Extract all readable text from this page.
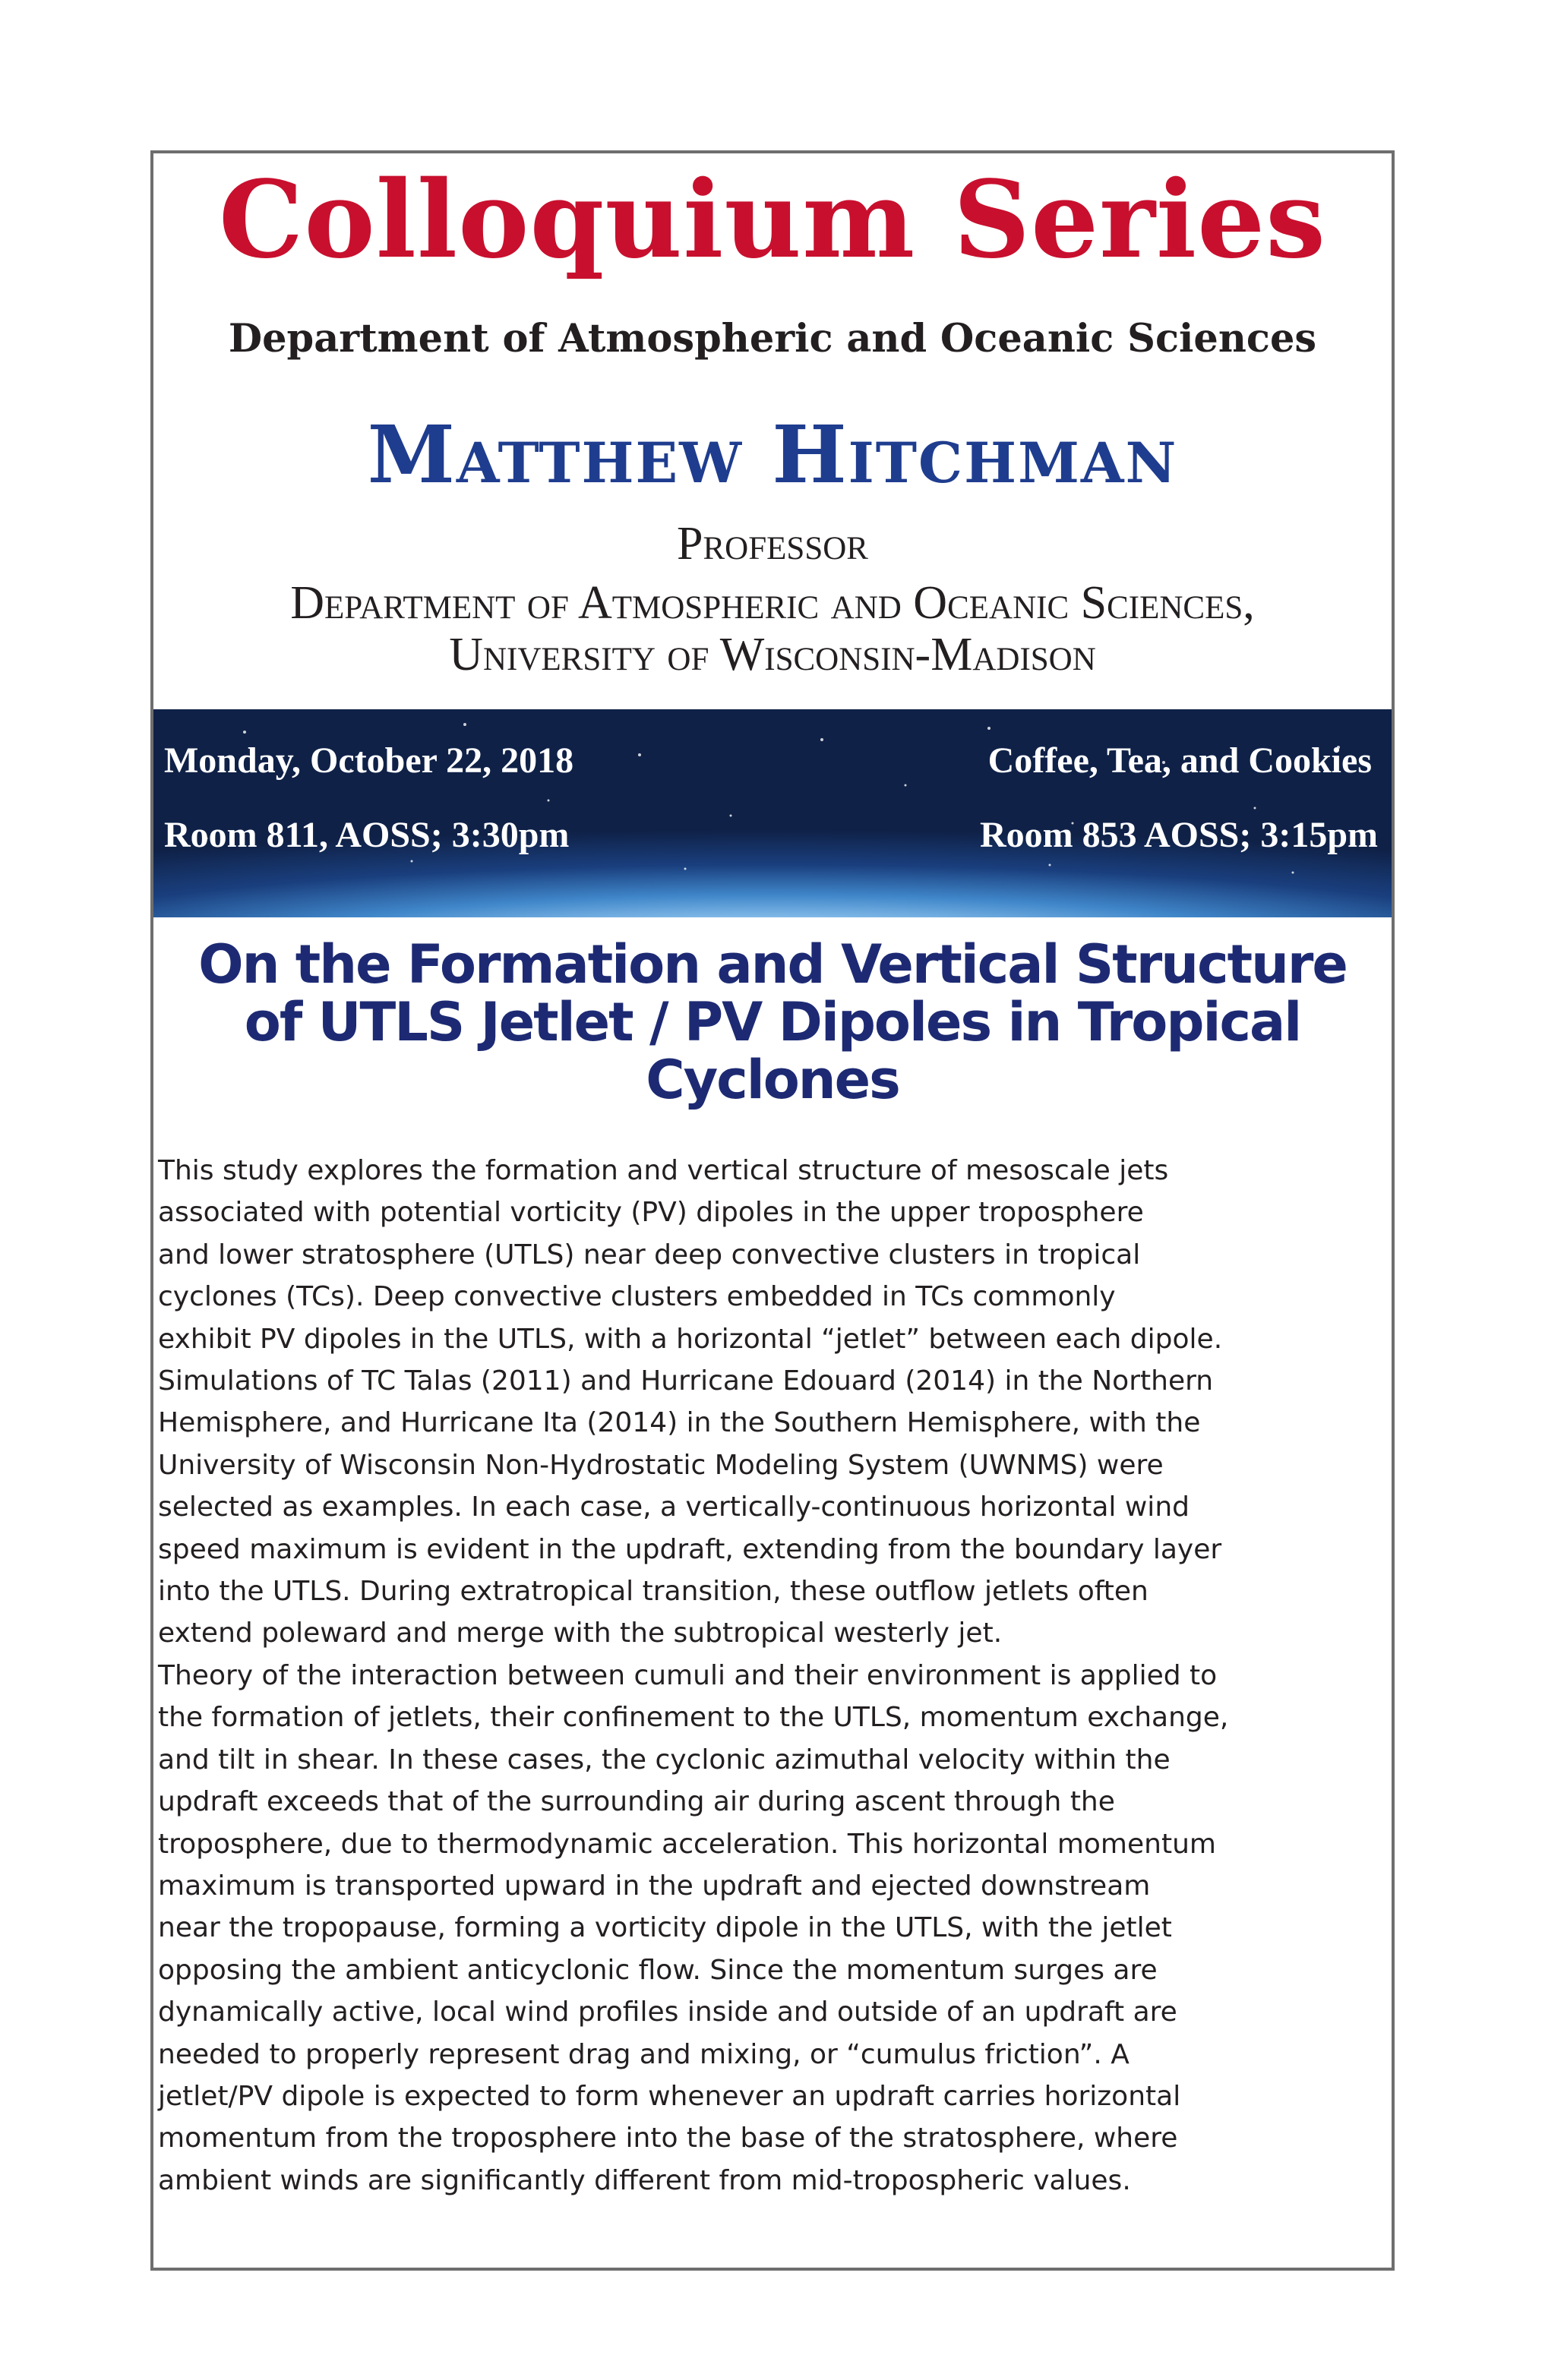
Colloquium Series
Department of Atmospheric and Oceanic Sciences
Matthew Hitchman
Professor
Department of Atmospheric and Oceanic Sciences,
University of Wisconsin-Madison
Monday, October 22, 2018
Room 811, AOSS; 3:30pm
Coffee, Tea, and Cookies
Room 853 AOSS; 3:15pm
On the Formation and Vertical Structure
of UTLS Jetlet / PV Dipoles in Tropical
Cyclones
This study explores the formation and vertical structure of mesoscale jets
associated with potential vorticity (PV) dipoles in the upper troposphere
and lower stratosphere (UTLS) near deep convective clusters in tropical
cyclones (TCs). Deep convective clusters embedded in TCs commonly
exhibit PV dipoles in the UTLS, with a horizontal “jetlet” between each dipole.
Simulations of TC Talas (2011) and Hurricane Edouard (2014) in the Northern
Hemisphere, and Hurricane Ita (2014) in the Southern Hemisphere, with the
University of Wisconsin Non-Hydrostatic Modeling System (UWNMS) were
selected as examples. In each case, a vertically-continuous horizontal wind
speed maximum is evident in the updraft, extending from the boundary layer
into the UTLS. During extratropical transition, these outflow jetlets often
extend poleward and merge with the subtropical westerly jet.
Theory of the interaction between cumuli and their environment is applied to
the formation of jetlets, their confinement to the UTLS, momentum exchange,
and tilt in shear. In these cases, the cyclonic azimuthal velocity within the
updraft exceeds that of the surrounding air during ascent through the
troposphere, due to thermodynamic acceleration. This horizontal momentum
maximum is transported upward in the updraft and ejected downstream
near the tropopause, forming a vorticity dipole in the UTLS, with the jetlet
opposing the ambient anticyclonic flow. Since the momentum surges are
dynamically active, local wind profiles inside and outside of an updraft are
needed to properly represent drag and mixing, or “cumulus friction”. A
jetlet/PV dipole is expected to form whenever an updraft carries horizontal
momentum from the troposphere into the base of the stratosphere, where
ambient winds are significantly different from mid-tropospheric values.
